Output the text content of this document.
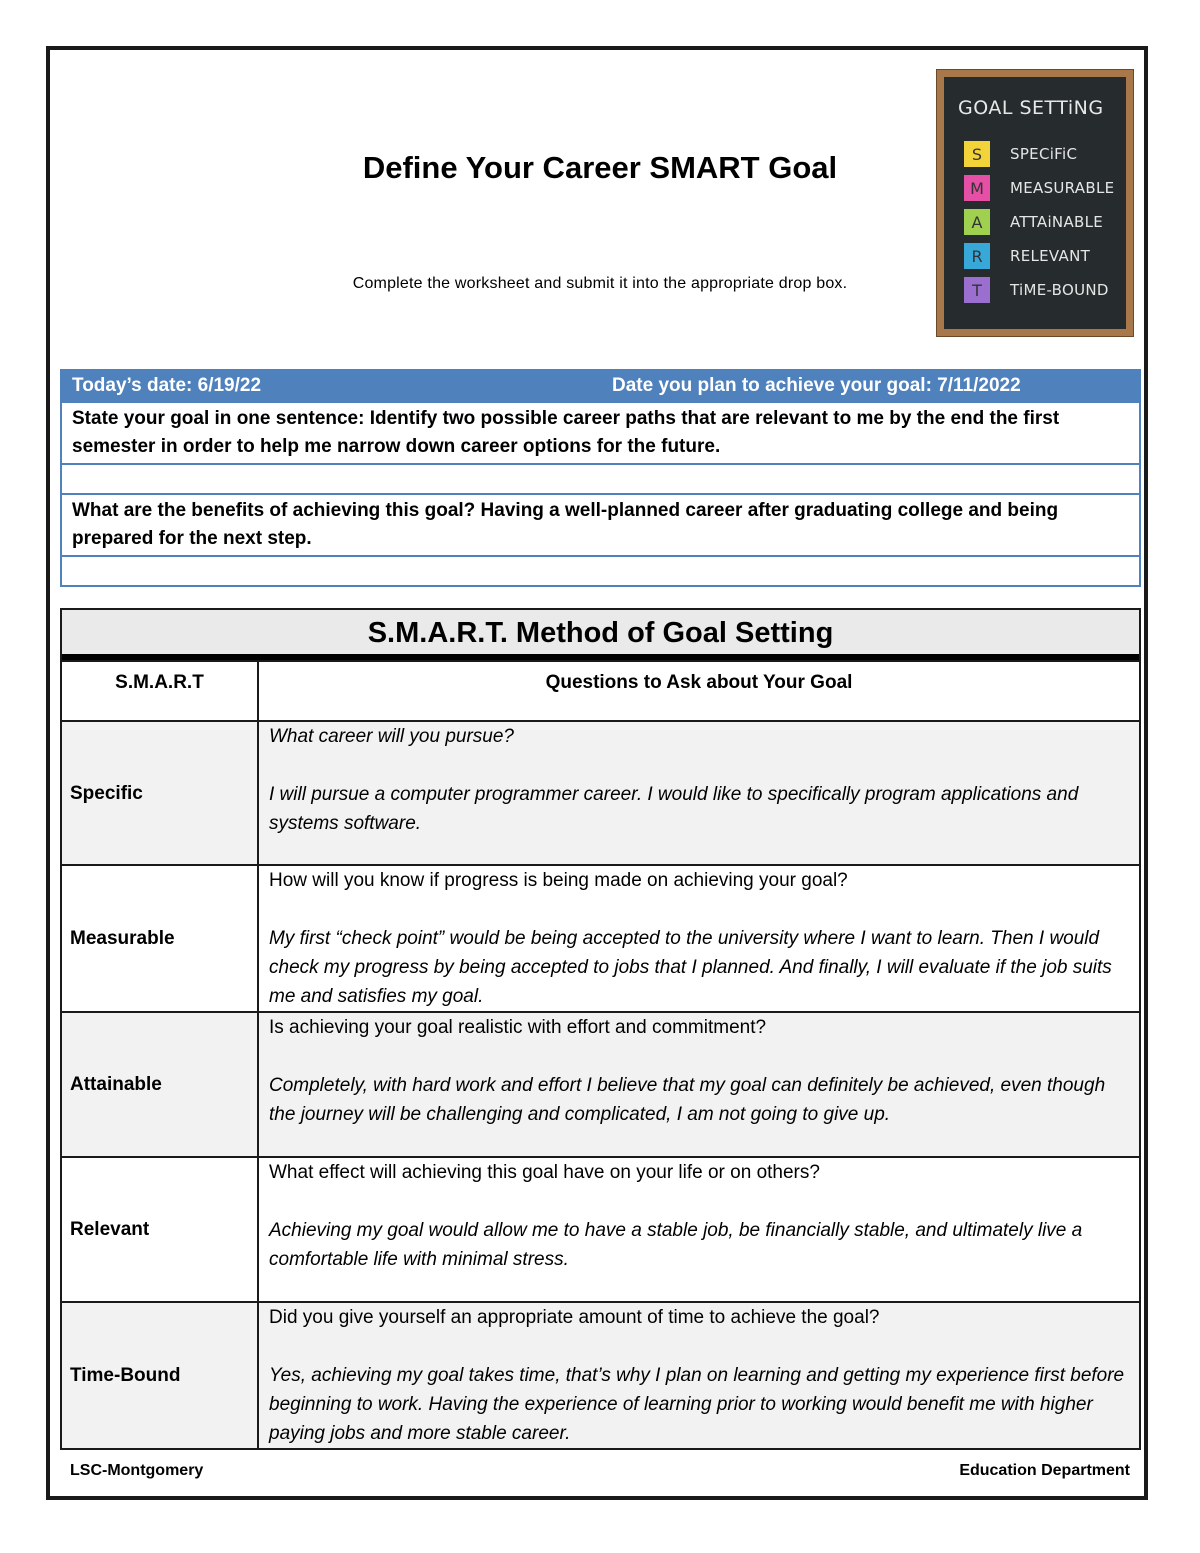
Define Your Career SMART Goal
Complete the worksheet and submit it into the appropriate drop box.
GOAL SETTiNG
S	SPECiFiC
M	MEASURABLE
A	ATTAiNABLE
R	RELEVANT
T	TiME-BOUND
Today’s date: 6/19/22	Date you plan to achieve your goal: 7/11/2022
State your goal in one sentence: Identify two possible career paths that are relevant to me by the end the first semester in order to help me narrow down career options for the future.
What are the benefits of achieving this goal? Having a well-planned career after graduating college and being prepared for the next step.
S.M.A.R.T. Method of Goal Setting
S.M.A.R.T	Questions to Ask about Your Goal
Specific	What career will you pursue?
I will pursue a computer programmer career. I would like to specifically program applications and systems software.

Measurable	How will you know if progress is being made on achieving your goal?
My first “check point” would be being accepted to the university where I want to learn. Then I would check my progress by being accepted to jobs that I planned. And finally, I will evaluate if the job suits me and satisfies my goal.

Attainable	Is achieving your goal realistic with effort and commitment?
Completely, with hard work and effort I believe that my goal can definitely be achieved, even though the journey will be challenging and complicated, I am not going to give up.

Relevant	What effect will achieving this goal have on your life or on others?
Achieving my goal would allow me to have a stable job, be financially stable, and ultimately live a comfortable life with minimal stress.

Time-Bound	Did you give yourself an appropriate amount of time to achieve the goal?
Yes, achieving my goal takes time, that’s why I plan on learning and getting my experience first before beginning to work. Having the experience of learning prior to working would benefit me with higher paying jobs and more stable career.
LSC-Montgomery	Education Department
